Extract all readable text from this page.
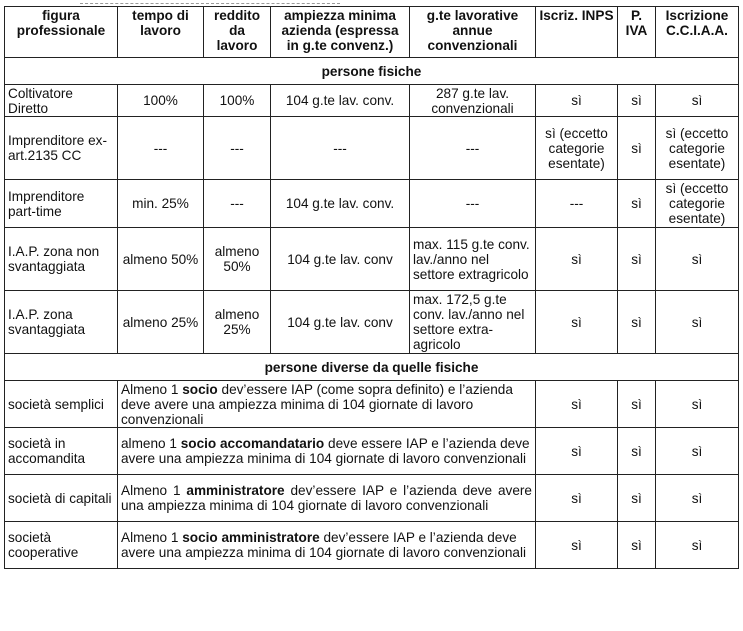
figura professionale	tempo di lavoro	reddito da lavoro	ampiezza minima azienda (espressa in g.te convenz.)	g.te lavorative annue convenzionali	Iscriz. INPS	P. IVA	Iscrizione C.C.I.A.A.
persone fisiche							
Coltivatore Diretto	100%	100%	104 g.te lav. conv.	287 g.te lav. convenzionali	sì	sì	sì
Imprenditore ex-art.2135 CC	---	---	---	---	sì (eccetto categorie esentate)	sì	sì (eccetto categorie esentate)
Imprenditore part-time	min. 25%	---	104 g.te lav. conv.	---	---	sì	sì (eccetto categorie esentate)
I.A.P. zona non svantaggiata	almeno 50%	almeno 50%	104 g.te lav. conv	max. 115 g.te conv. lav./anno nel settore extragricolo	sì	sì	sì
I.A.P. zona svantaggiata	almeno 25%	almeno 25%	104 g.te lav. conv	max. 172,5 g.te conv. lav./anno nel settore extra-agricolo	sì	sì	sì
persone diverse da quelle fisiche							
società semplici	Almeno 1 socio dev’essere IAP (come sopra definito) e l’azienda deve avere una ampiezza minima di 104 giornate di lavoro convenzionali				sì	sì	sì
società in accomandita	almeno 1 socio accomandatario deve essere IAP e l’azienda deve avere una ampiezza minima di 104 giornate di lavoro convenzionali				sì	sì	sì
società di capitali	Almeno 1 amministratore dev’essere IAP e l’azienda deve avere una ampiezza minima di 104 giornate di lavoro convenzionali				sì	sì	sì
società cooperative	Almeno 1 socio amministratore dev’essere IAP e l’azienda deve avere una ampiezza minima di 104 giornate di lavoro convenzionali				sì	sì	sì
